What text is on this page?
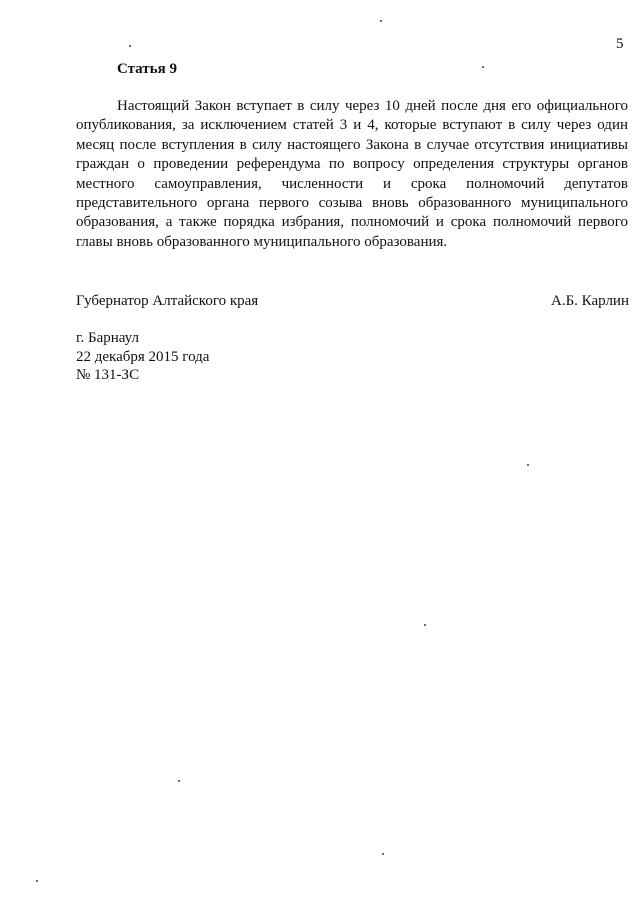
5
Статья 9

Настоящий Закон вступает в силу через 10 дней после дня его официального опубликования, за исключением статей 3 и 4, которые вступают в силу через один месяц после вступления в силу настоящего Закона в случае отсутствия инициативы граждан о проведении референдума по вопросу определения структуры органов местного самоуправления, численности и срока полномочий депутатов представительного органа первого созыва вновь образованного муниципального образования, а также порядка избрания, полномочий и срока полномочий первого главы вновь образованного муниципального образования.

Губернатор Алтайского края	А.Б. Карлин
г. Барнаул
22 декабря 2015 года
№ 131-ЗС
